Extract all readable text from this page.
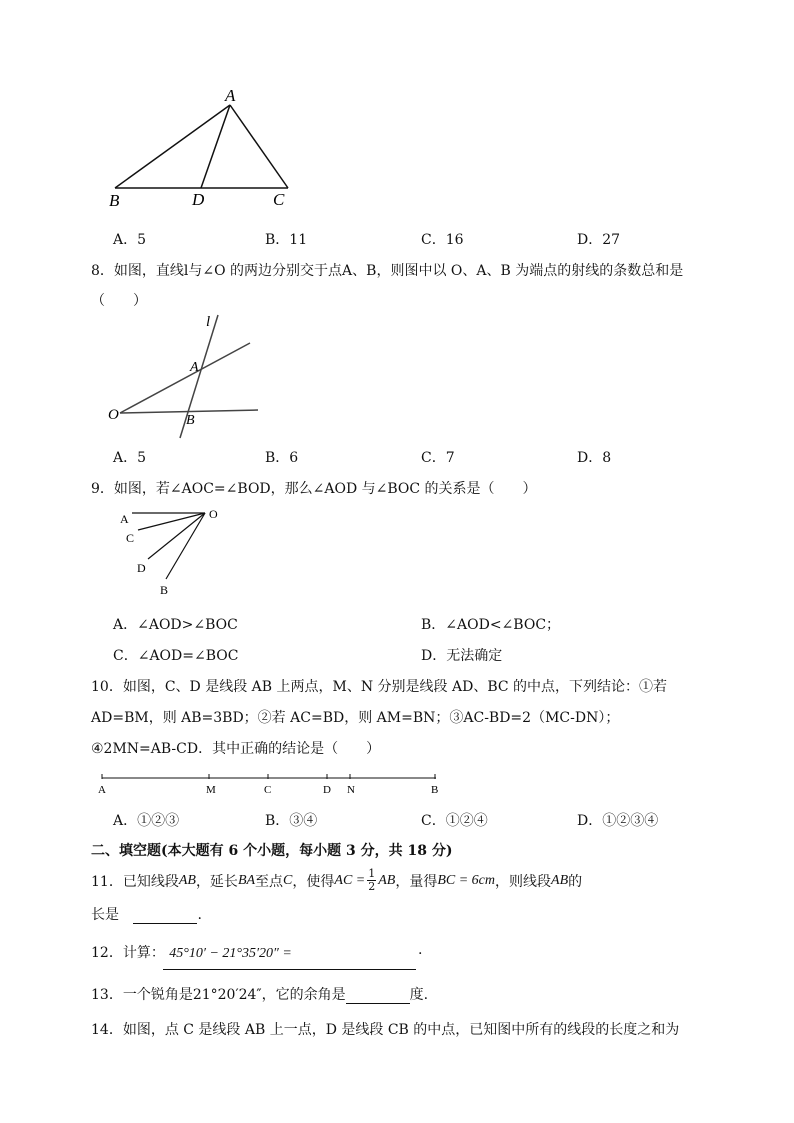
A
B	D	C
A．5	B．11	C．16	D．27
8．如图，直线l与∠O 的两边分别交于点A、B，则图中以 O、A、B 为端点的射线的条数总和是
（　　）
l
A
O	B
A．5	B．6	C．7	D．8
9．如图，若∠AOC=∠BOD，那么∠AOD 与∠BOC 的关系是（　　）
A
C
D
B
O
A．∠AOD>∠BOC	B．∠AOD<∠BOC；
C．∠AOD=∠BOC	D．无法确定
10．如图，C、D 是线段 AB 上两点，M、N 分别是线段 AD、BC 的中点，下列结论：①若
AD=BM，则 AB=3BD；②若 AC=BD，则 AM=BN；③AC-BD=2（MC-DN）；
④2MN=AB-CD．其中正确的结论是（　　）
A	M	C	D N	B
A．①②③	B．③④	C．①②④	D．①②③④
二、填空题(本大题有 6 个小题，每小题 3 分，共 18 分)
11．已知线段 AB ，延长 BA 至点 C ，使得 AC = $\frac{1}{2}$ AB ，量得 BC = 6cm ，则线段 AB 的
长是	.
12．计算： 45°10′ − 21°35′20″ =	.
13．一个锐角是21°20′24″，它的余角是	度.
14．如图，点 C 是线段 AB 上一点，D 是线段 CB 的中点，已知图中所有的线段的长度之和为
